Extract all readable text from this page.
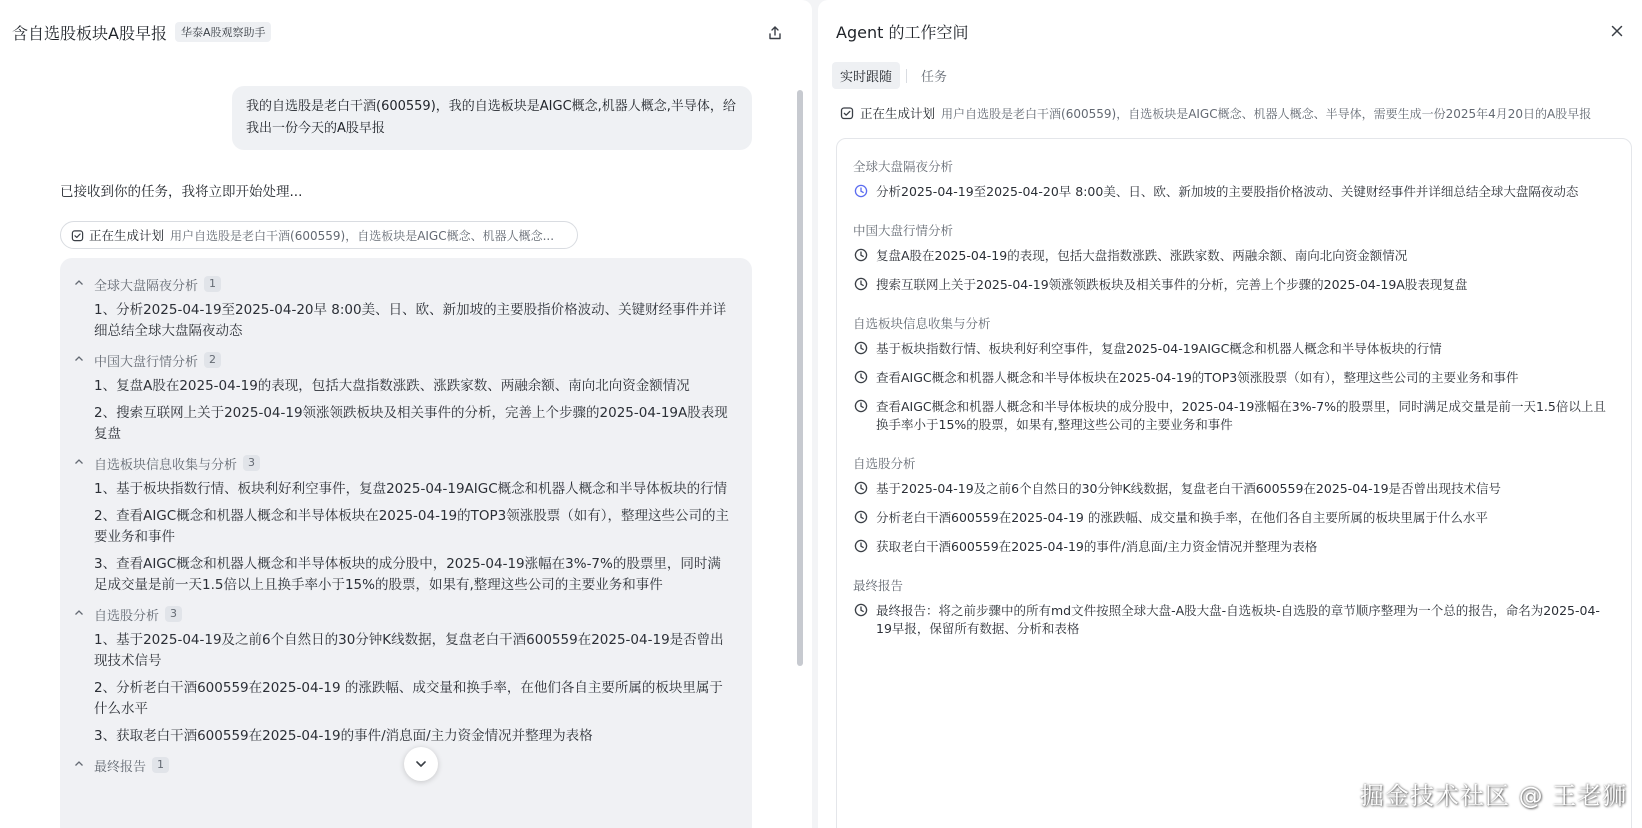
含自选股板块A股早报	华泰A股观察助手
我的自选股是老白干酒(600559)，我的自选板块是AIGC概念,机器人概念,半导体，给我出一份今天的A股早报
已接收到你的任务，我将立即开始处理...
正在生成计划 用户自选股是老白干酒(600559)，自选板块是AIGC概念、机器人概念...
全球大盘隔夜分析	1
1、分析2025-04-19至2025-04-20早 8:00美、日、欧、新加坡的主要股指价格波动、关键财经事件并详细总结全球大盘隔夜动态
中国大盘行情分析	2
1、复盘A股在2025-04-19的表现，包括大盘指数涨跌、涨跌家数、两融余额、南向北向资金额情况
2、搜索互联网上关于2025-04-19领涨领跌板块及相关事件的分析，完善上个步骤的2025-04-19A股表现复盘
自选板块信息收集与分析	3
1、基于板块指数行情、板块利好利空事件，复盘2025-04-19AIGC概念和机器人概念和半导体板块的行情
2、查看AIGC概念和机器人概念和半导体板块在2025-04-19的TOP3领涨股票（如有），整理这些公司的主要业务和事件
3、查看AIGC概念和机器人概念和半导体板块的成分股中，2025-04-19涨幅在3%-7%的股票里，同时满足成交量是前一天1.5倍以上且换手率小于15%的股票，如果有,整理这些公司的主要业务和事件
自选股分析	3
1、基于2025-04-19及之前6个自然日的30分钟K线数据，复盘老白干酒600559在2025-04-19是否曾出现技术信号
2、分析老白干酒600559在2025-04-19 的涨跌幅、成交量和换手率，在他们各自主要所属的板块里属于什么水平
3、获取老白干酒600559在2025-04-19的事件/消息面/主力资金情况并整理为表格
最终报告	1
Agent 的工作空间
实时跟随	任务
正在生成计划 用户自选股是老白干酒(600559)，自选板块是AIGC概念、机器人概念、半导体，需要生成一份2025年4月20日的A股早报
全球大盘隔夜分析
分析2025-04-19至2025-04-20早 8:00美、日、欧、新加坡的主要股指价格波动、关键财经事件并详细总结全球大盘隔夜动态
中国大盘行情分析
复盘A股在2025-04-19的表现，包括大盘指数涨跌、涨跌家数、两融余额、南向北向资金额情况
搜索互联网上关于2025-04-19领涨领跌板块及相关事件的分析，完善上个步骤的2025-04-19A股表现复盘
自选板块信息收集与分析
基于板块指数行情、板块利好利空事件，复盘2025-04-19AIGC概念和机器人概念和半导体板块的行情
查看AIGC概念和机器人概念和半导体板块在2025-04-19的TOP3领涨股票（如有），整理这些公司的主要业务和事件
查看AIGC概念和机器人概念和半导体板块的成分股中，2025-04-19涨幅在3%-7%的股票里，同时满足成交量是前一天1.5倍以上且换手率小于15%的股票，如果有,整理这些公司的主要业务和事件
自选股分析
基于2025-04-19及之前6个自然日的30分钟K线数据，复盘老白干酒600559在2025-04-19是否曾出现技术信号
分析老白干酒600559在2025-04-19 的涨跌幅、成交量和换手率，在他们各自主要所属的板块里属于什么水平
获取老白干酒600559在2025-04-19的事件/消息面/主力资金情况并整理为表格
最终报告
最终报告：将之前步骤中的所有md文件按照全球大盘-A股大盘-自选板块-自选股的章节顺序整理为一个总的报告，命名为2025-04-19早报，保留所有数据、分析和表格
掘金技术社区 @ 王老狮
